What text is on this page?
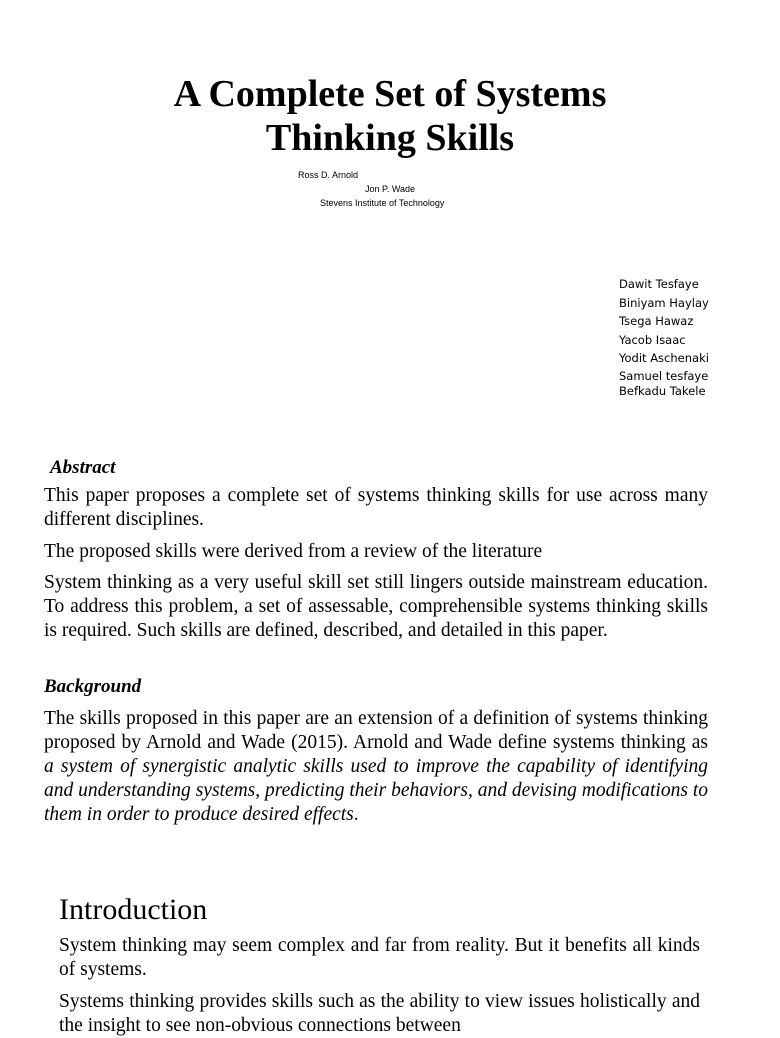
A Complete Set of Systems
Thinking Skills
Ross D. Arnold
Jon P. Wade
Stevens Institute of Technology
Dawit Tesfaye
Biniyam Haylay
Tsega Hawaz
Yacob Isaac
Yodit Aschenaki
Samuel tesfaye
Befkadu Takele
Abstract

This paper proposes a complete set of systems thinking skills for use across many different disciplines.

The proposed skills were derived from a review of the literature

System thinking as a very useful skill set still lingers outside mainstream education. To address this problem, a set of assessable, comprehensible systems thinking skills is required. Such skills are defined, described, and detailed in this paper.

Background

The skills proposed in this paper are an extension of a definition of systems thinking proposed by Arnold and Wade (2015). Arnold and Wade define systems thinking as a system of synergistic analytic skills used to improve the capability of identifying and understanding systems, predicting their behaviors, and devising modifications to them in order to produce desired effects.

Introduction

System thinking may seem complex and far from reality. But it benefits all kinds of systems.

Systems thinking provides skills such as the ability to view issues holistically and the insight to see non-obvious connections between
